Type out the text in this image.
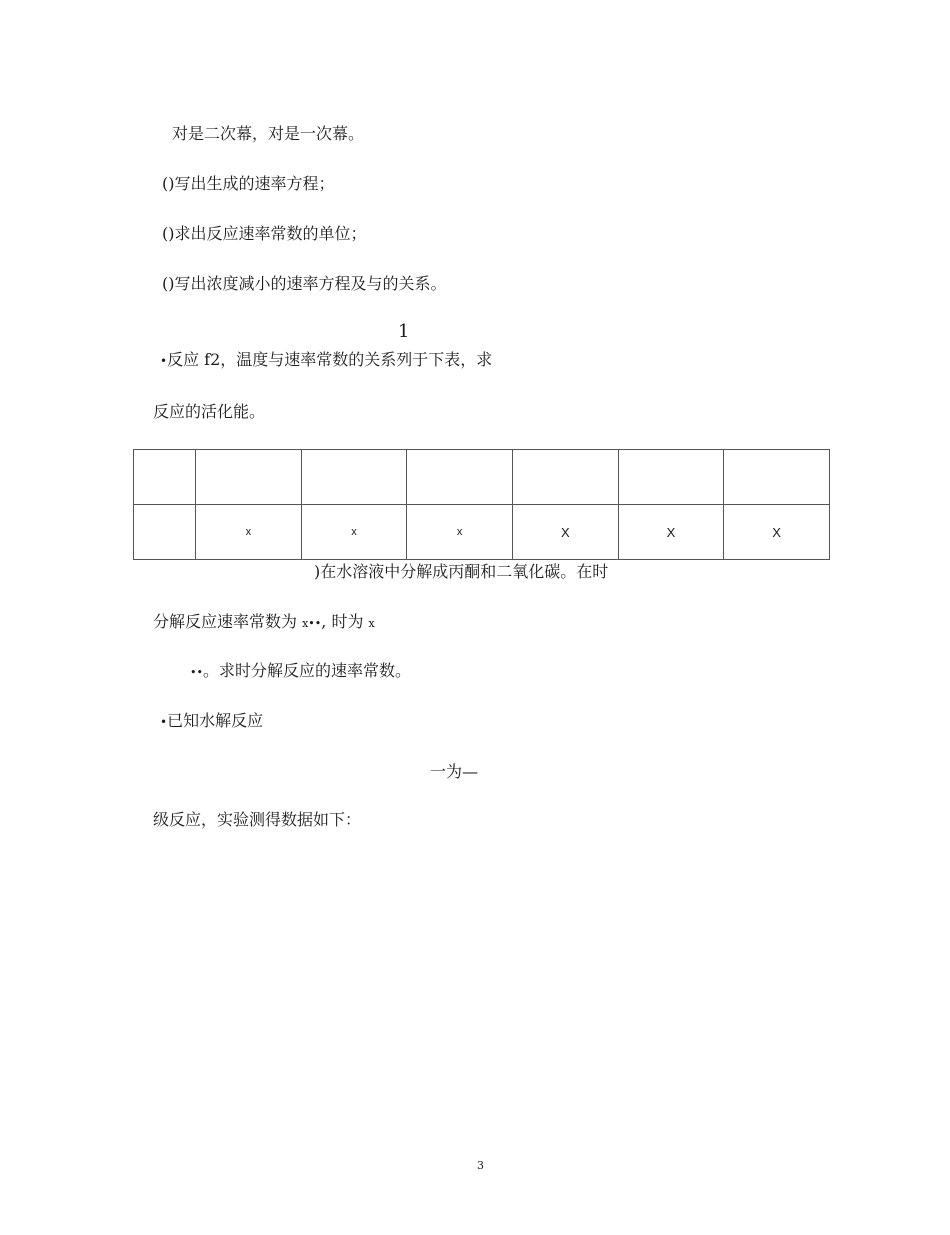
对是二次幕，对是一次幕。
()写出生成的速率方程；
()求出反应速率常数的单位；
()写出浓度减小的速率方程及与的关系。
1
•反应 f2，温度与速率常数的关系列于下表，求
反应的活化能。

	x	x	x	X	X	X
)在水溶液中分解成丙酮和二氧化碳。在时
分解反应速率常数为 x••, 时为 x
••。求时分解反应的速率常数。
•已知水解反应
一为—
级反应，实验测得数据如下：
3
